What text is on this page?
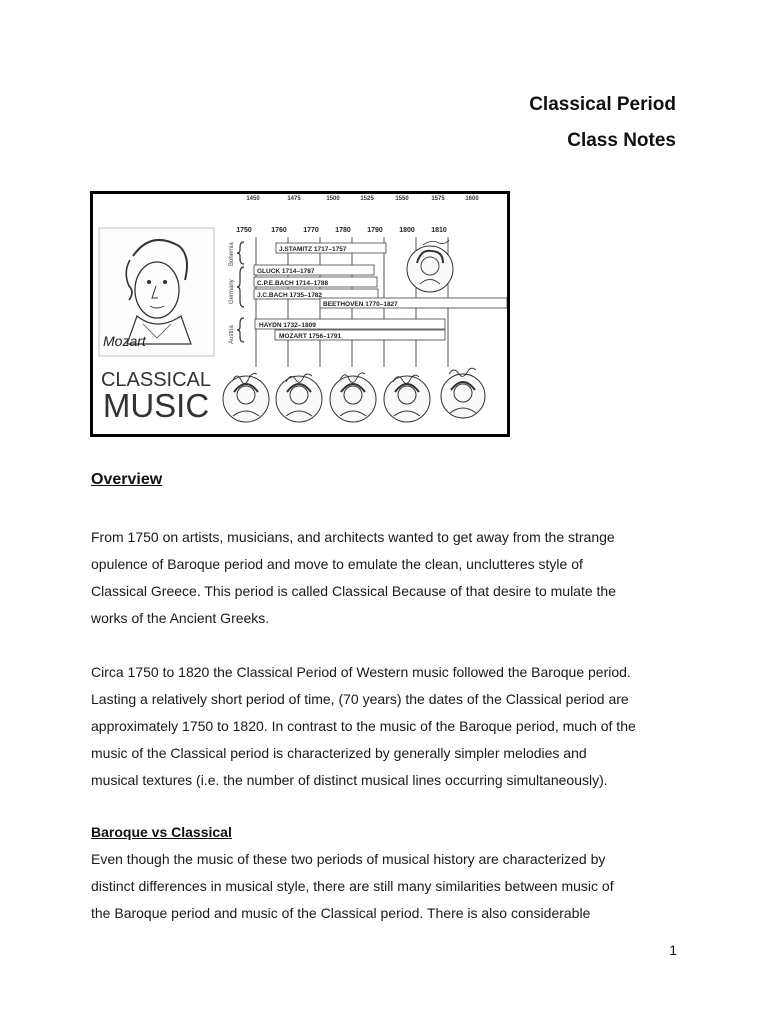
Classical Period
Class Notes
1450	1475	1500	1525	1550	1575	1600
1750	1760 1770 1780 1790 1800 1810
Bohemia
Germany
Austria
J.STAMITZ 1717–1757
GLUCK 1714–1787
C.P.E.BACH 1714–1788
J.C.BACH 1735–1782
BEETHOVEN 1770–1827
HAYDN 1732–1809
MOZART 1756–1791
Mozart
CLASSICAL
MUSIC
Overview

From 1750 on artists, musicians, and architects wanted to get away from the strange
opulence of Baroque period and move to emulate the clean, unclutteres style of
Classical Greece. This period is called Classical Because of that desire to mulate the
works of the Ancient Greeks.

Circa 1750 to 1820 the Classical Period of Western music followed the Baroque period.
Lasting a relatively short period of time, (70 years) the dates of the Classical period are
approximately 1750 to 1820. In contrast to the music of the Baroque period, much of the
music of the Classical period is characterized by generally simpler melodies and
musical textures (i.e. the number of distinct musical lines occurring simultaneously).

Baroque vs Classical

Even though the music of these two periods of musical history are characterized by
distinct differences in musical style, there are still many similarities between music of
the Baroque period and music of the Classical period. There is also considerable

1
